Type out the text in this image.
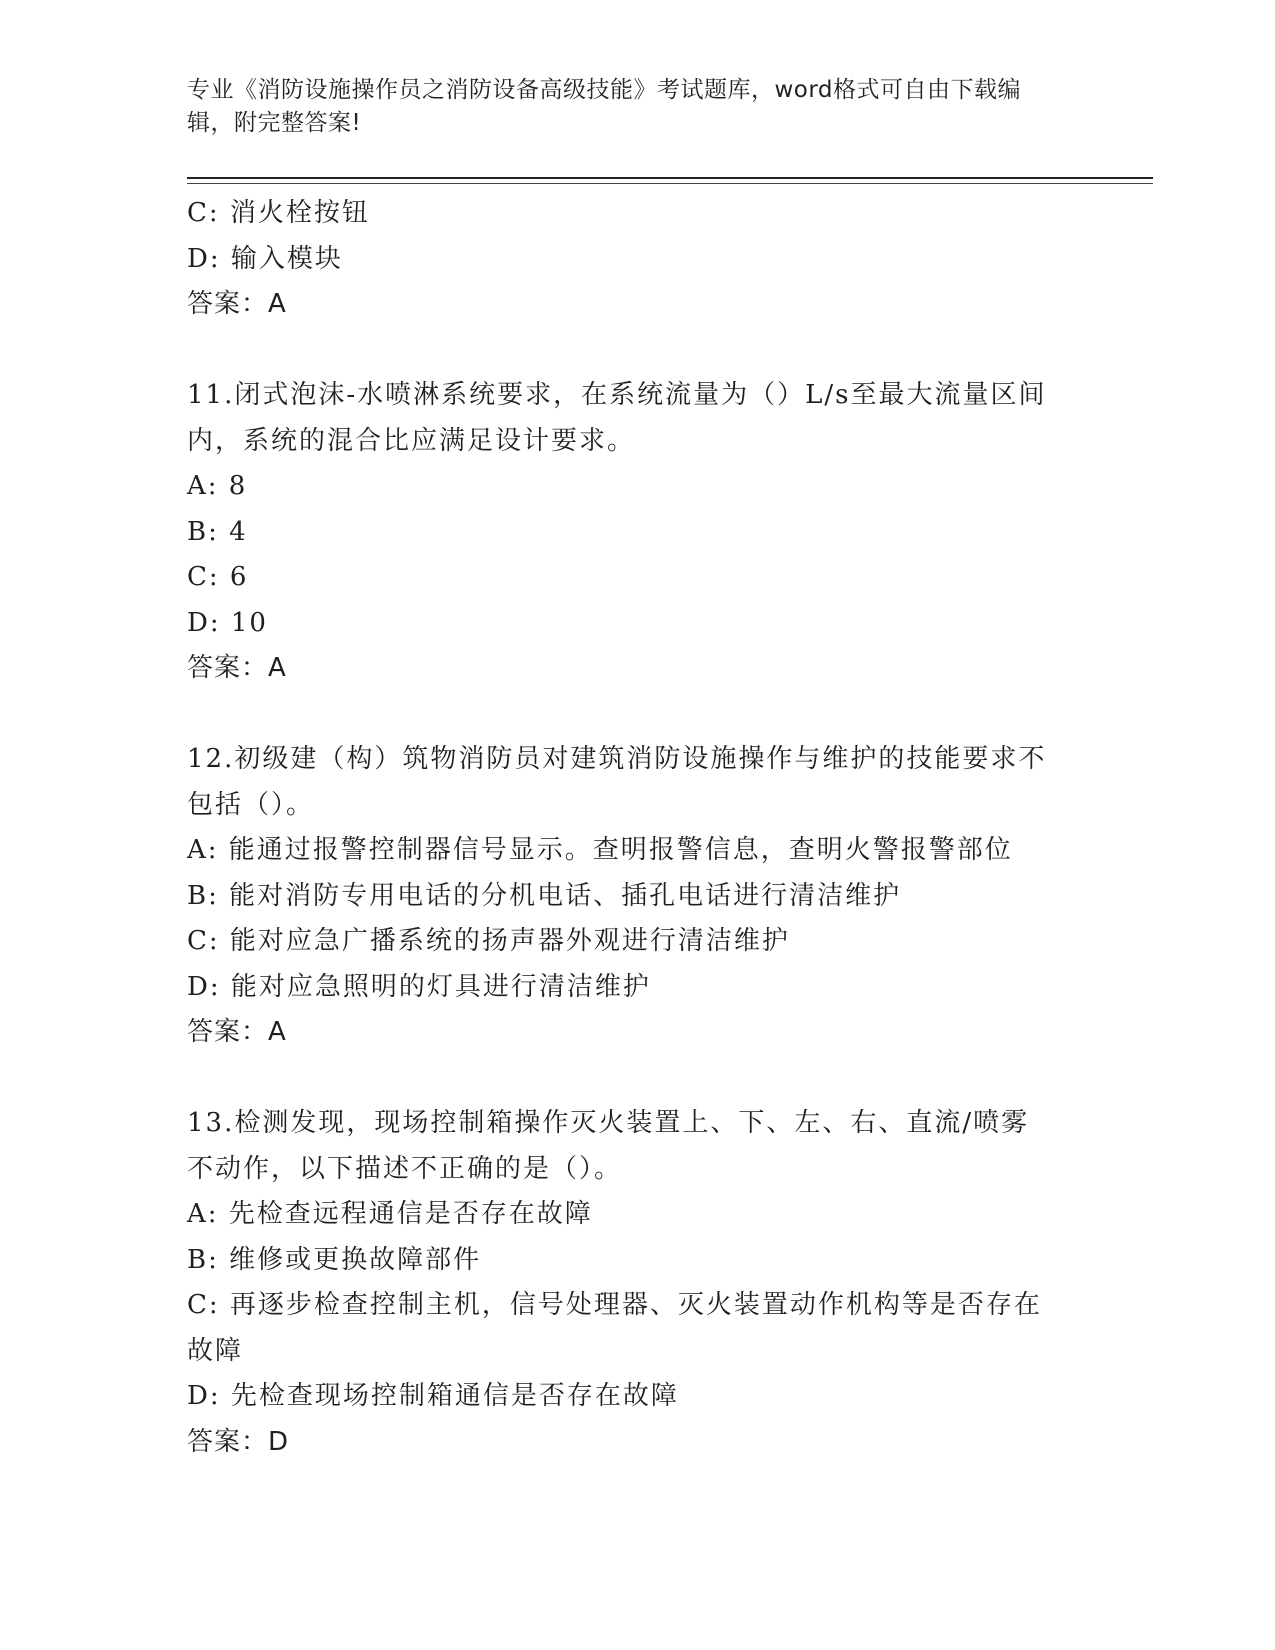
专业《消防设施操作员之消防设备高级技能》考试题库，word格式可自由下载编
辑，附完整答案!

C: 消火栓按钮

D: 输入模块

答案：A

11.闭式泡沫-水喷淋系统要求，在系统流量为（）L/s至最大流量区间

内，系统的混合比应满足设计要求。

A: 8

B: 4

C: 6

D: 10

答案：A

12.初级建（构）筑物消防员对建筑消防设施操作与维护的技能要求不

包括（）。

A: 能通过报警控制器信号显示。查明报警信息，查明火警报警部位

B: 能对消防专用电话的分机电话、插孔电话进行清洁维护

C: 能对应急广播系统的扬声器外观进行清洁维护

D: 能对应急照明的灯具进行清洁维护

答案：A

13.检测发现，现场控制箱操作灭火装置上、下、左、右、直流/喷雾

不动作，以下描述不正确的是（）。

A: 先检查远程通信是否存在故障

B: 维修或更换故障部件

C: 再逐步检查控制主机，信号处理器、灭火装置动作机构等是否存在

故障

D: 先检查现场控制箱通信是否存在故障

答案：D
